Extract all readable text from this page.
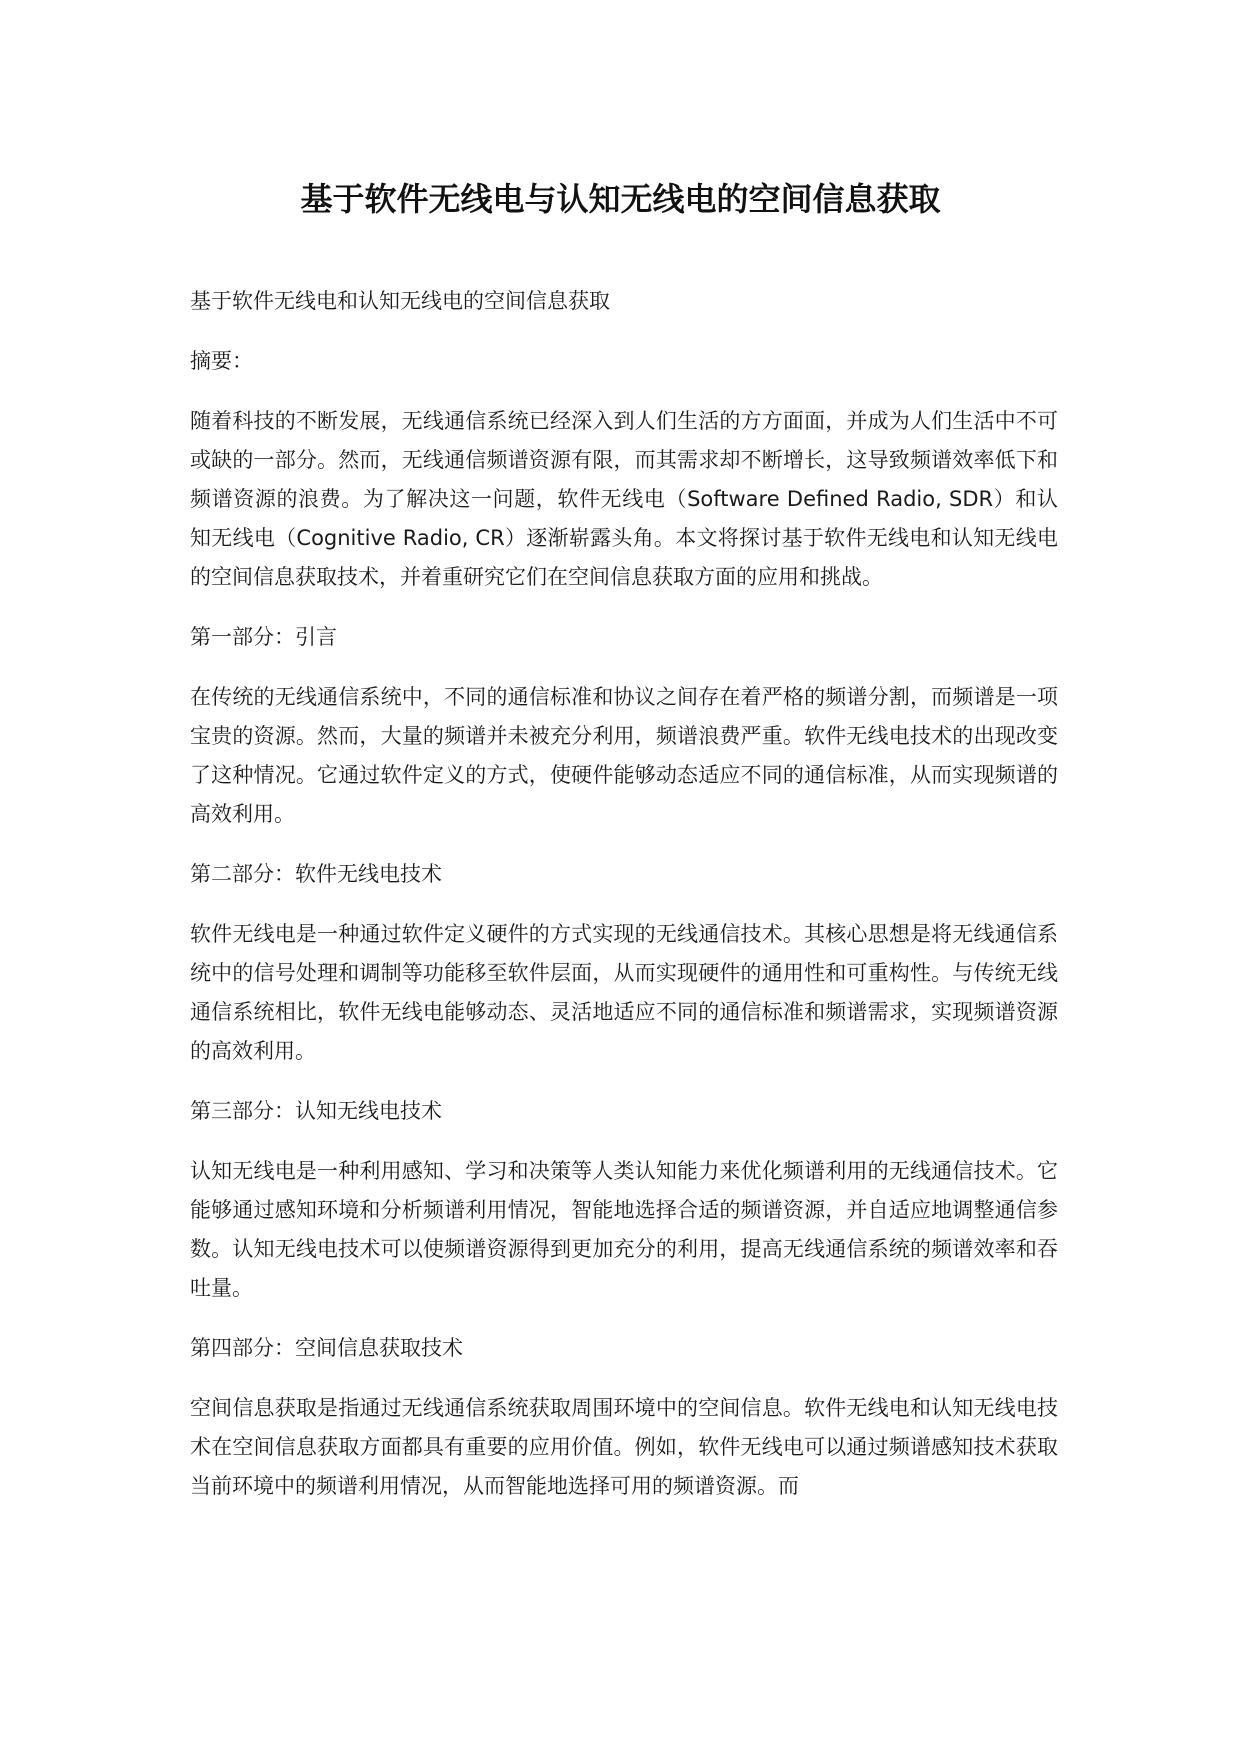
基于软件无线电与认知无线电的空间信息获取

基于软件无线电和认知无线电的空间信息获取

摘要：

随着科技的不断发展，无线通信系统已经深入到人们生活的方方面面，并成为人们生活中不可或缺的一部分。然而，无线通信频谱资源有限，而其需求却不断增长，这导致频谱效率低下和频谱资源的浪费。为了解决这一问题，软件无线电（Software Defined Radio, SDR）和认知无线电（Cognitive Radio, CR）逐渐崭露头角。本文将探讨基于软件无线电和认知无线电的空间信息获取技术，并着重研究它们在空间信息获取方面的应用和挑战。

第一部分：引言

在传统的无线通信系统中，不同的通信标准和协议之间存在着严格的频谱分割，而频谱是一项宝贵的资源。然而，大量的频谱并未被充分利用，频谱浪费严重。软件无线电技术的出现改变了这种情况。它通过软件定义的方式，使硬件能够动态适应不同的通信标准，从而实现频谱的高效利用。

第二部分：软件无线电技术

软件无线电是一种通过软件定义硬件的方式实现的无线通信技术。其核心思想是将无线通信系统中的信号处理和调制等功能移至软件层面，从而实现硬件的通用性和可重构性。与传统无线通信系统相比，软件无线电能够动态、灵活地适应不同的通信标准和频谱需求，实现频谱资源的高效利用。

第三部分：认知无线电技术

认知无线电是一种利用感知、学习和决策等人类认知能力来优化频谱利用的无线通信技术。它能够通过感知环境和分析频谱利用情况，智能地选择合适的频谱资源，并自适应地调整通信参数。认知无线电技术可以使频谱资源得到更加充分的利用，提高无线通信系统的频谱效率和吞吐量。

第四部分：空间信息获取技术

空间信息获取是指通过无线通信系统获取周围环境中的空间信息。软件无线电和认知无线电技术在空间信息获取方面都具有重要的应用价值。例如，软件无线电可以通过频谱感知技术获取当前环境中的频谱利用情况，从而智能地选择可用的频谱资源。而
